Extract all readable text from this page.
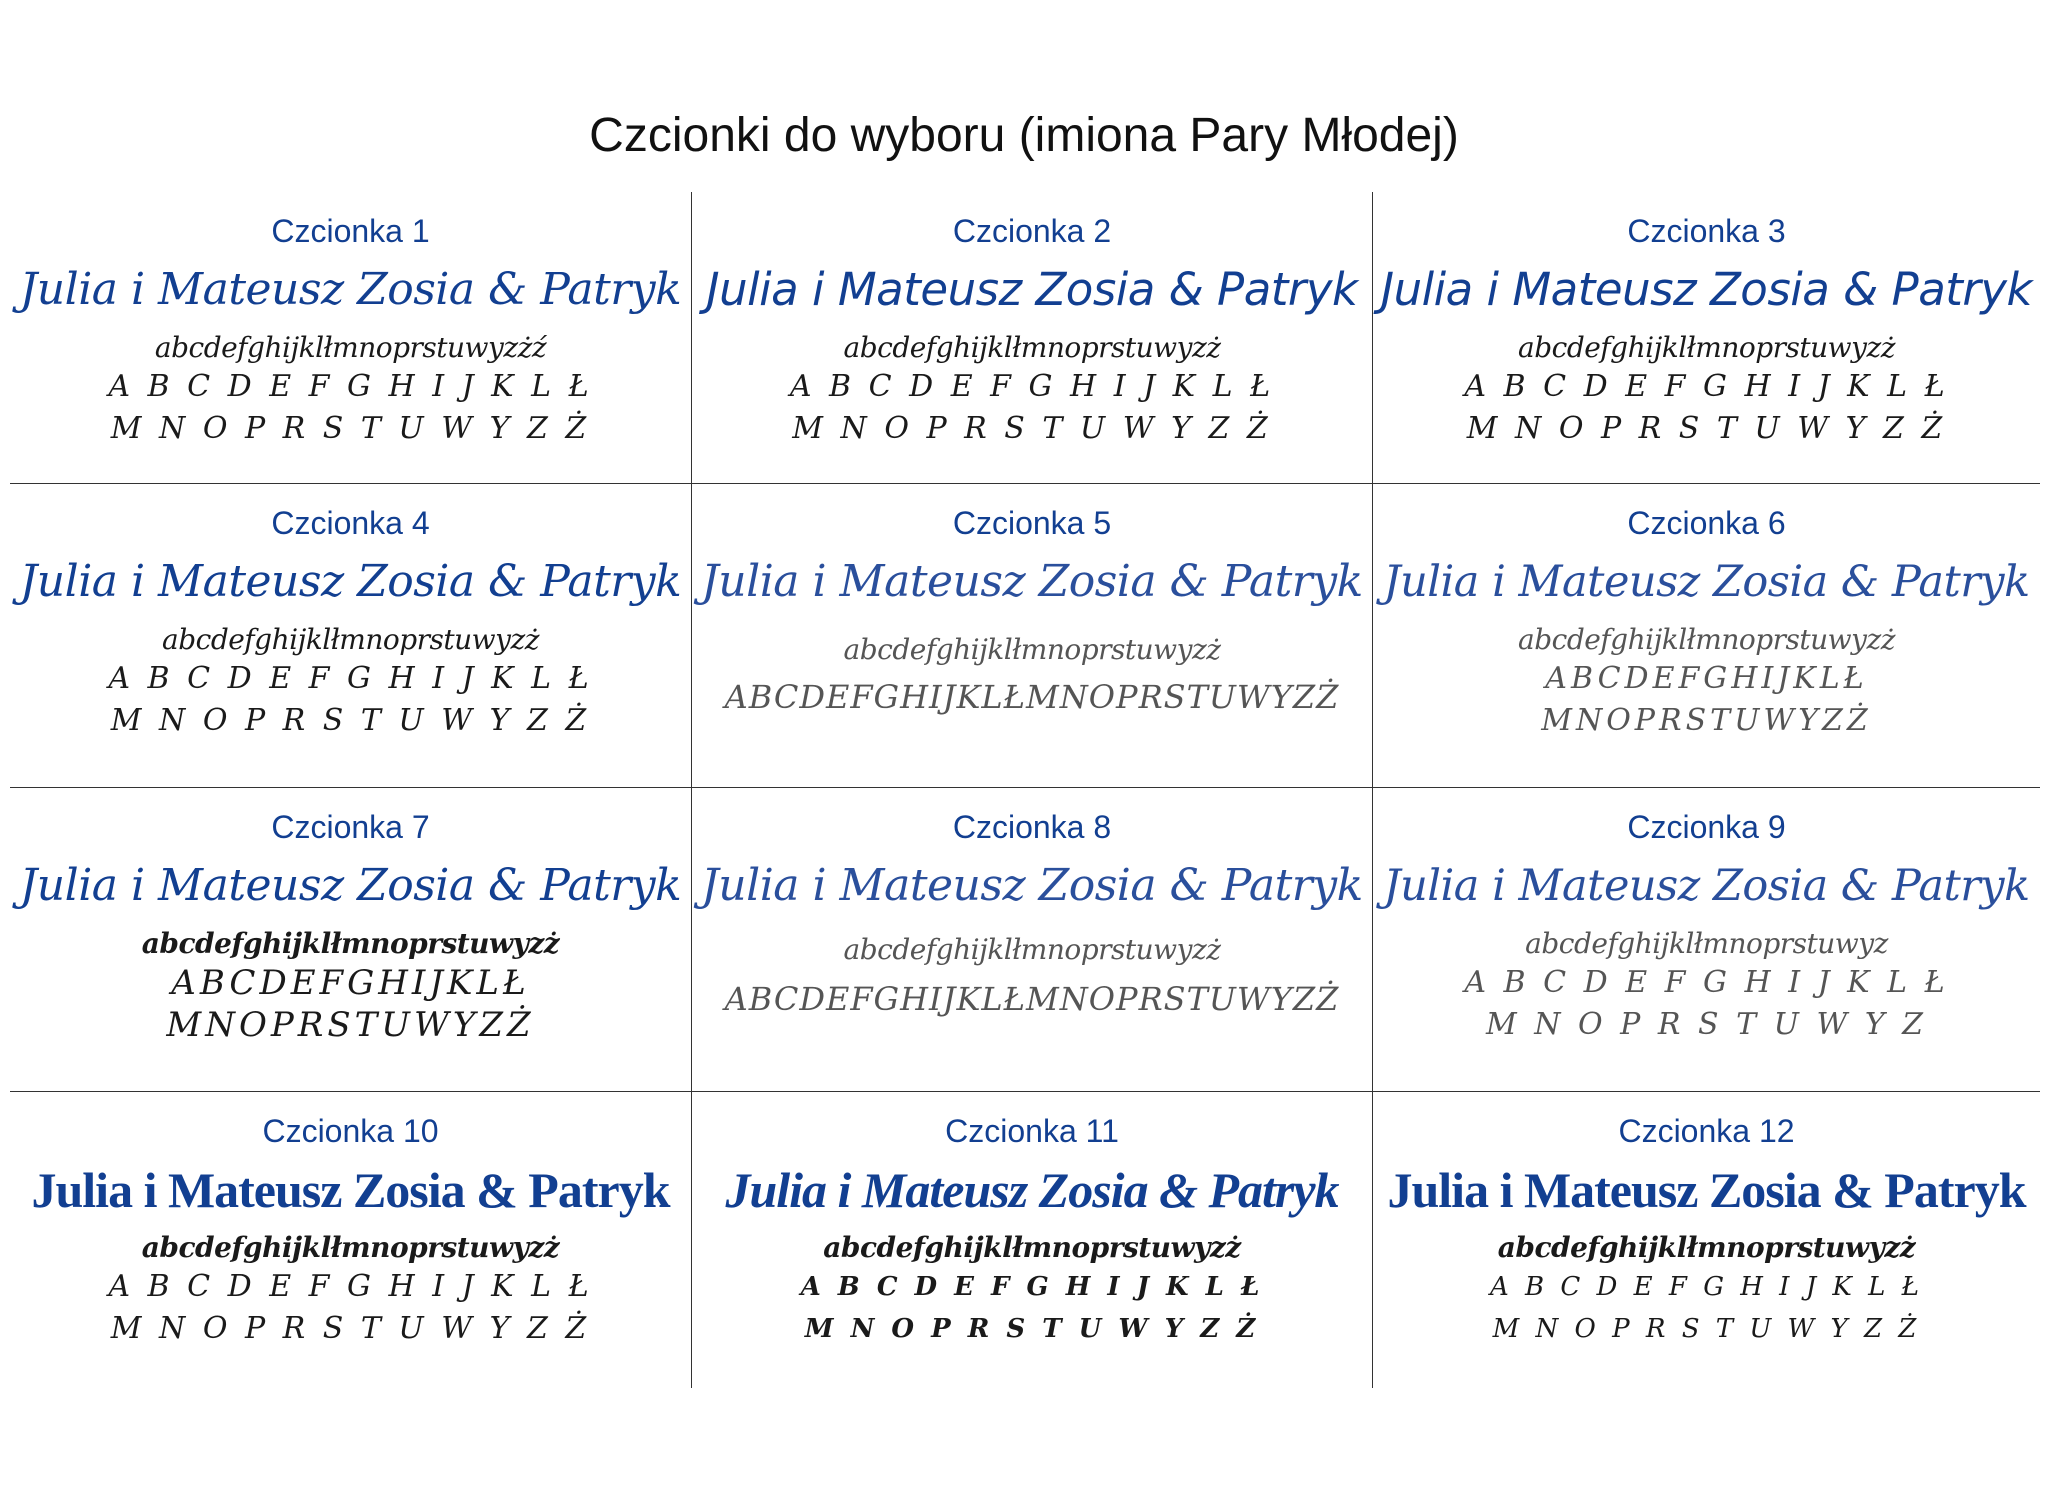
Czcionki do wyboru (imiona Pary Młodej)
Czcionka 1
Julia i Mateusz Zosia & Patryk
abcdefghijklłmnoprstuwyzżź
A B C D E F G H I J K L Ł
M N O P R S T U W Y Z Ż
Czcionka 2
Julia i Mateusz Zosia & Patryk
abcdefghijklłmnoprstuwyzż
A B C D E F G H I J K L Ł
M N O P R S T U W Y Z Ż
Czcionka 3
Julia i Mateusz Zosia & Patryk
abcdefghijklłmnoprstuwyzż
A B C D E F G H I J K L Ł
M N O P R S T U W Y Z Ż
Czcionka 4
Julia i Mateusz Zosia & Patryk
abcdefghijklłmnoprstuwyzż
A B C D E F G H I J K L Ł
M N O P R S T U W Y Z Ż
Czcionka 5
Julia i Mateusz Zosia & Patryk
abcdefghijklłmnoprstuwyzż
ABCDEFGHIJKLŁMNOPRSTUWYZŻ
Czcionka 6
Julia i Mateusz Zosia & Patryk
abcdefghijklłmnoprstuwyzż
ABCDEFGHIJKLŁ
MNOPRSTUWYZŻ
Czcionka 7
Julia i Mateusz Zosia & Patryk
abcdefghijklłmnoprstuwyzż
ABCDEFGHIJKLŁ
MNOPRSTUWYZŻ
Czcionka 8
Julia i Mateusz Zosia & Patryk
abcdefghijklłmnoprstuwyzż
ABCDEFGHIJKLŁMNOPRSTUWYZŻ
Czcionka 9
Julia i Mateusz Zosia & Patryk
abcdefghijklłmnoprstuwyz
A B C D E F G H I J K L Ł
M N O P R S T U W Y Z
Czcionka 10
Julia i Mateusz Zosia & Patryk
abcdefghijklłmnoprstuwyzż
A B C D E F G H I J K L Ł
M N O P R S T U W Y Z Ż
Czcionka 11
Julia i Mateusz Zosia & Patryk
abcdefghijklłmnoprstuwyzż
A B C D E F G H I J K L Ł
M N O P R S T U W Y Z Ż
Czcionka 12
Julia i Mateusz Zosia & Patryk
abcdefghijklłmnoprstuwyzż
A B C D E F G H I J K L Ł
M N O P R S T U W Y Z Ż
